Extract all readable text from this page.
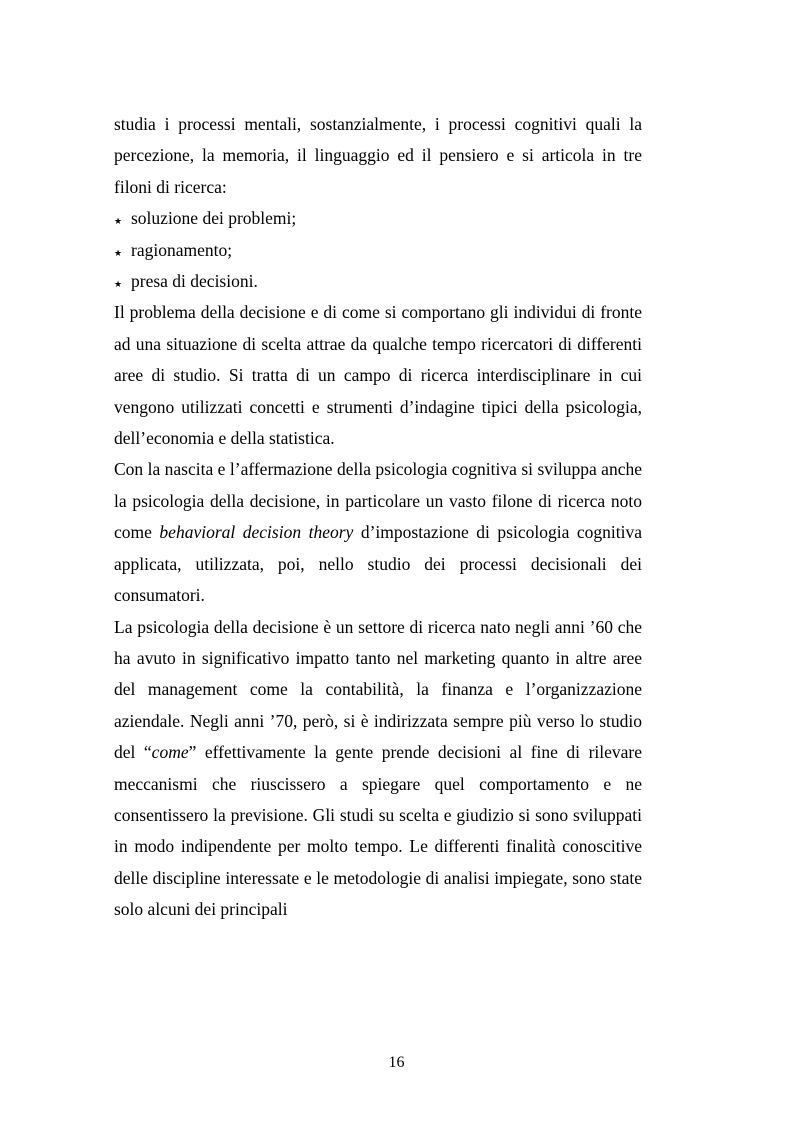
studia i processi mentali, sostanzialmente, i processi cognitivi quali la percezione, la memoria, il linguaggio ed il pensiero e si articola in tre filoni di ricerca:

★ soluzione dei problemi;
★ ragionamento;
★ presa di decisioni.

Il problema della decisione e di come si comportano gli individui di fronte ad una situazione di scelta attrae da qualche tempo ricercatori di differenti aree di studio. Si tratta di un campo di ricerca interdisciplinare in cui vengono utilizzati concetti e strumenti d’indagine tipici della psicologia, dell’economia e della statistica.

Con la nascita e l’affermazione della psicologia cognitiva si sviluppa anche la psicologia della decisione, in particolare un vasto filone di ricerca noto come behavioral decision theory d’impostazione di psicologia cognitiva applicata, utilizzata, poi, nello studio dei processi decisionali dei consumatori.

La psicologia della decisione è un settore di ricerca nato negli anni ’60 che ha avuto in significativo impatto tanto nel marketing quanto in altre aree del management come la contabilità, la finanza e l’organizzazione aziendale. Negli anni ’70, però, si è indirizzata sempre più verso lo studio del “come” effettivamente la gente prende decisioni al fine di rilevare meccanismi che riuscissero a spiegare quel comportamento e ne consentissero la previsione. Gli studi su scelta e giudizio si sono sviluppati in modo indipendente per molto tempo. Le differenti finalità conoscitive delle discipline interessate e le metodologie di analisi impiegate, sono state solo alcuni dei principali

16
